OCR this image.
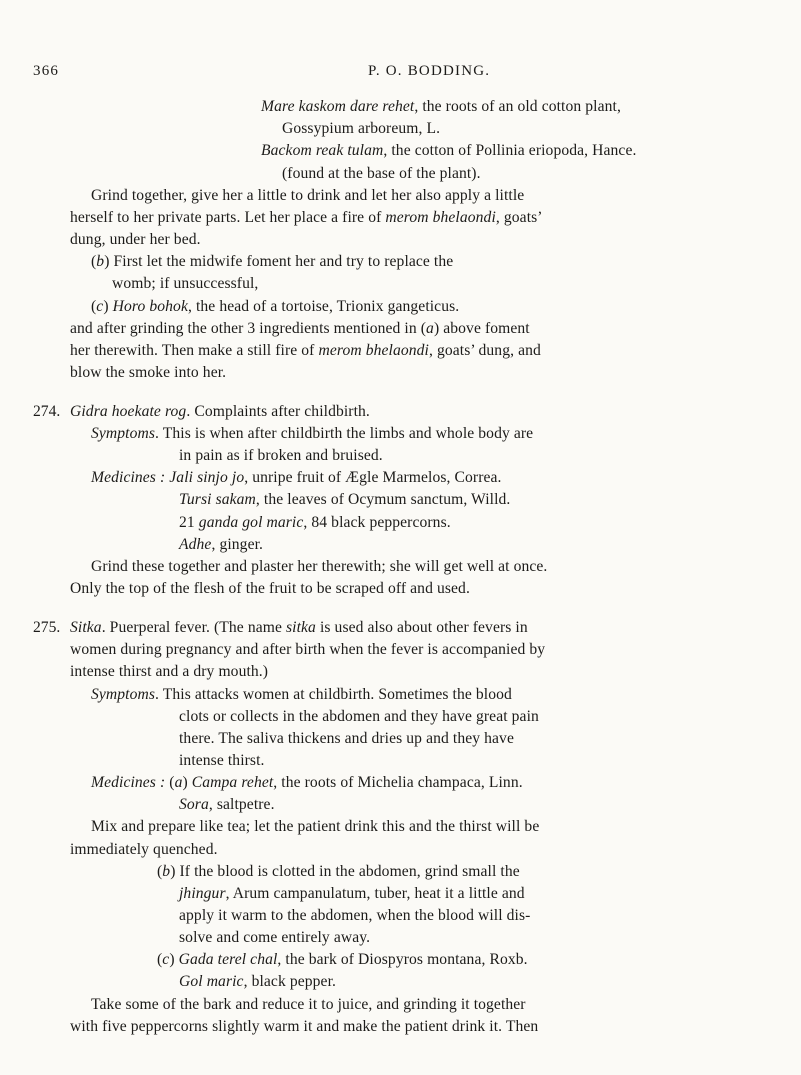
366	P. O. BODDING.
Mare kaskom dare rehet, the roots of an old cotton plant,
Gossypium arboreum, L.
Backom reak tulam, the cotton of Pollinia eriopoda, Hance.
(found at the base of the plant).
Grind together, give her a little to drink and let her also apply a little
herself to her private parts. Let her place a fire of merom bhelaondi, goats’
dung, under her bed.
(b) First let the midwife foment her and try to replace the
womb; if unsuccessful,
(c) Horo bohok, the head of a tortoise, Trionix gangeticus.
and after grinding the other 3 ingredients mentioned in (a) above foment
her therewith. Then make a still fire of merom bhelaondi, goats’ dung, and
blow the smoke into her.
274. Gidra hoekate rog. Complaints after childbirth.
Symptoms. This is when after childbirth the limbs and whole body are
in pain as if broken and bruised.
Medicines : Jali sinjo jo, unripe fruit of Ægle Marmelos, Correa.
Tursi sakam, the leaves of Ocymum sanctum, Willd.
21 ganda gol maric, 84 black peppercorns.
Adhe, ginger.
Grind these together and plaster her therewith; she will get well at once.
Only the top of the flesh of the fruit to be scraped off and used.
275. Sitka. Puerperal fever. (The name sitka is used also about other fevers in
women during pregnancy and after birth when the fever is accompanied by
intense thirst and a dry mouth.)
Symptoms. This attacks women at childbirth. Sometimes the blood
clots or collects in the abdomen and they have great pain
there. The saliva thickens and dries up and they have
intense thirst.
Medicines : (a) Campa rehet, the roots of Michelia champaca, Linn.
Sora, saltpetre.
Mix and prepare like tea; let the patient drink this and the thirst will be
immediately quenched.
(b) If the blood is clotted in the abdomen, grind small the
jhingur, Arum campanulatum, tuber, heat it a little and
apply it warm to the abdomen, when the blood will dis-
solve and come entirely away.
(c) Gada terel chal, the bark of Diospyros montana, Roxb.
Gol maric, black pepper.
Take some of the bark and reduce it to juice, and grinding it together
with five peppercorns slightly warm it and make the patient drink it. Then
